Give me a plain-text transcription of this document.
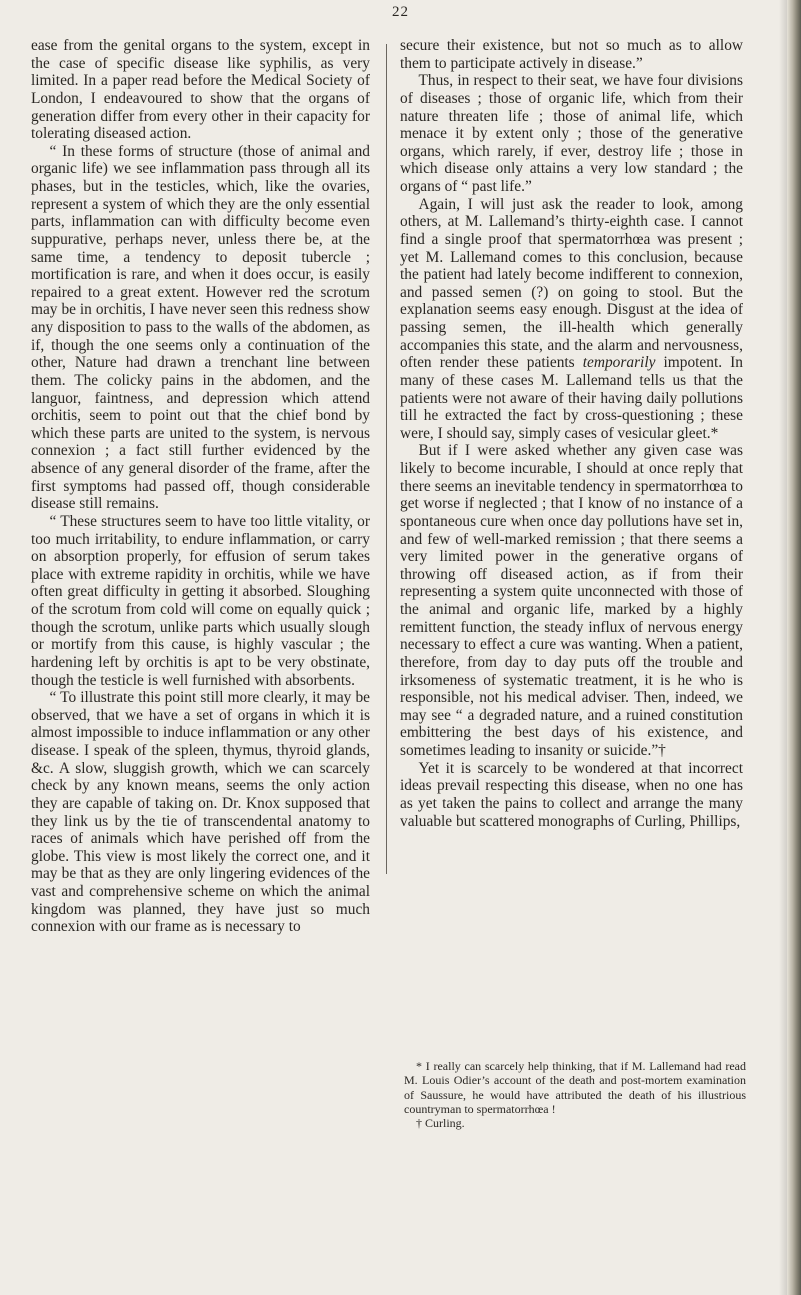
22

ease from the genital organs to the system, except in the case of specific disease like syphilis, as very limited. In a paper read before the Medical Society of London, I endeavoured to show that the organs of generation differ from every other in their capacity for tolerating diseased action.

“ In these forms of structure (those of animal and organic life) we see inflammation pass through all its phases, but in the testicles, which, like the ovaries, represent a system of which they are the only essential parts, inflammation can with difficulty become even suppurative, perhaps never, unless there be, at the same time, a tendency to deposit tubercle ; mortification is rare, and when it does occur, is easily repaired to a great extent. However red the scrotum may be in orchitis, I have never seen this redness show any disposition to pass to the walls of the abdomen, as if, though the one seems only a continuation of the other, Nature had drawn a trenchant line between them. The colicky pains in the abdomen, and the languor, faintness, and depression which attend orchitis, seem to point out that the chief bond by which these parts are united to the system, is nervous connexion ; a fact still further evidenced by the absence of any general disorder of the frame, after the first symptoms had passed off, though considerable disease still remains.

“ These structures seem to have too little vitality, or too much irritability, to endure inflammation, or carry on absorption properly, for effusion of serum takes place with extreme rapidity in orchitis, while we have often great difficulty in getting it absorbed. Sloughing of the scrotum from cold will come on equally quick ; though the scrotum, unlike parts which usually slough or mortify from this cause, is highly vascular ; the hardening left by orchitis is apt to be very obstinate, though the testicle is well furnished with absorbents.

“ To illustrate this point still more clearly, it may be observed, that we have a set of organs in which it is almost impossible to induce inflammation or any other disease. I speak of the spleen, thymus, thyroid glands, &c. A slow, sluggish growth, which we can scarcely check by any known means, seems the only action they are capable of taking on. Dr. Knox supposed that they link us by the tie of transcendental anatomy to races of animals which have perished off from the globe. This view is most likely the correct one, and it may be that as they are only lingering evidences of the vast and comprehensive scheme on which the animal kingdom was planned, they have just so much connexion with our frame as is necessary to

secure their existence, but not so much as to allow them to participate actively in disease.”

Thus, in respect to their seat, we have four divisions of diseases ; those of organic life, which from their nature threaten life ; those of animal life, which menace it by extent only ; those of the generative organs, which rarely, if ever, destroy life ; those in which disease only attains a very low standard ; the organs of “ past life.”

Again, I will just ask the reader to look, among others, at M. Lallemand’s thirty-eighth case. I cannot find a single proof that spermatorrhœa was present ; yet M. Lallemand comes to this conclusion, because the patient had lately become indifferent to connexion, and passed semen (?) on going to stool. But the explanation seems easy enough. Disgust at the idea of passing semen, the ill-health which generally accompanies this state, and the alarm and nervousness, often render these patients temporarily impotent. In many of these cases M. Lallemand tells us that the patients were not aware of their having daily pollutions till he extracted the fact by cross-questioning ; these were, I should say, simply cases of vesicular gleet.*

But if I were asked whether any given case was likely to become incurable, I should at once reply that there seems an inevitable tendency in spermatorrhœa to get worse if neglected ; that I know of no instance of a spontaneous cure when once day pollutions have set in, and few of well-marked remission ; that there seems a very limited power in the generative organs of throwing off diseased action, as if from their representing a system quite unconnected with those of the animal and organic life, marked by a highly remittent function, the steady influx of nervous energy necessary to effect a cure was wanting. When a patient, therefore, from day to day puts off the trouble and irksomeness of systematic treatment, it is he who is responsible, not his medical adviser. Then, indeed, we may see “ a degraded nature, and a ruined constitution embittering the best days of his existence, and sometimes leading to insanity or suicide.”†

Yet it is scarcely to be wondered at that incorrect ideas prevail respecting this disease, when no one has as yet taken the pains to collect and arrange the many valuable but scattered monographs of Curling, Phillips,

* I really can scarcely help thinking, that if M. Lallemand had read M. Louis Odier’s account of the death and post-mortem examination of Saussure, he would have attributed the death of his illustrious countryman to spermatorrhœa !

† Curling.
